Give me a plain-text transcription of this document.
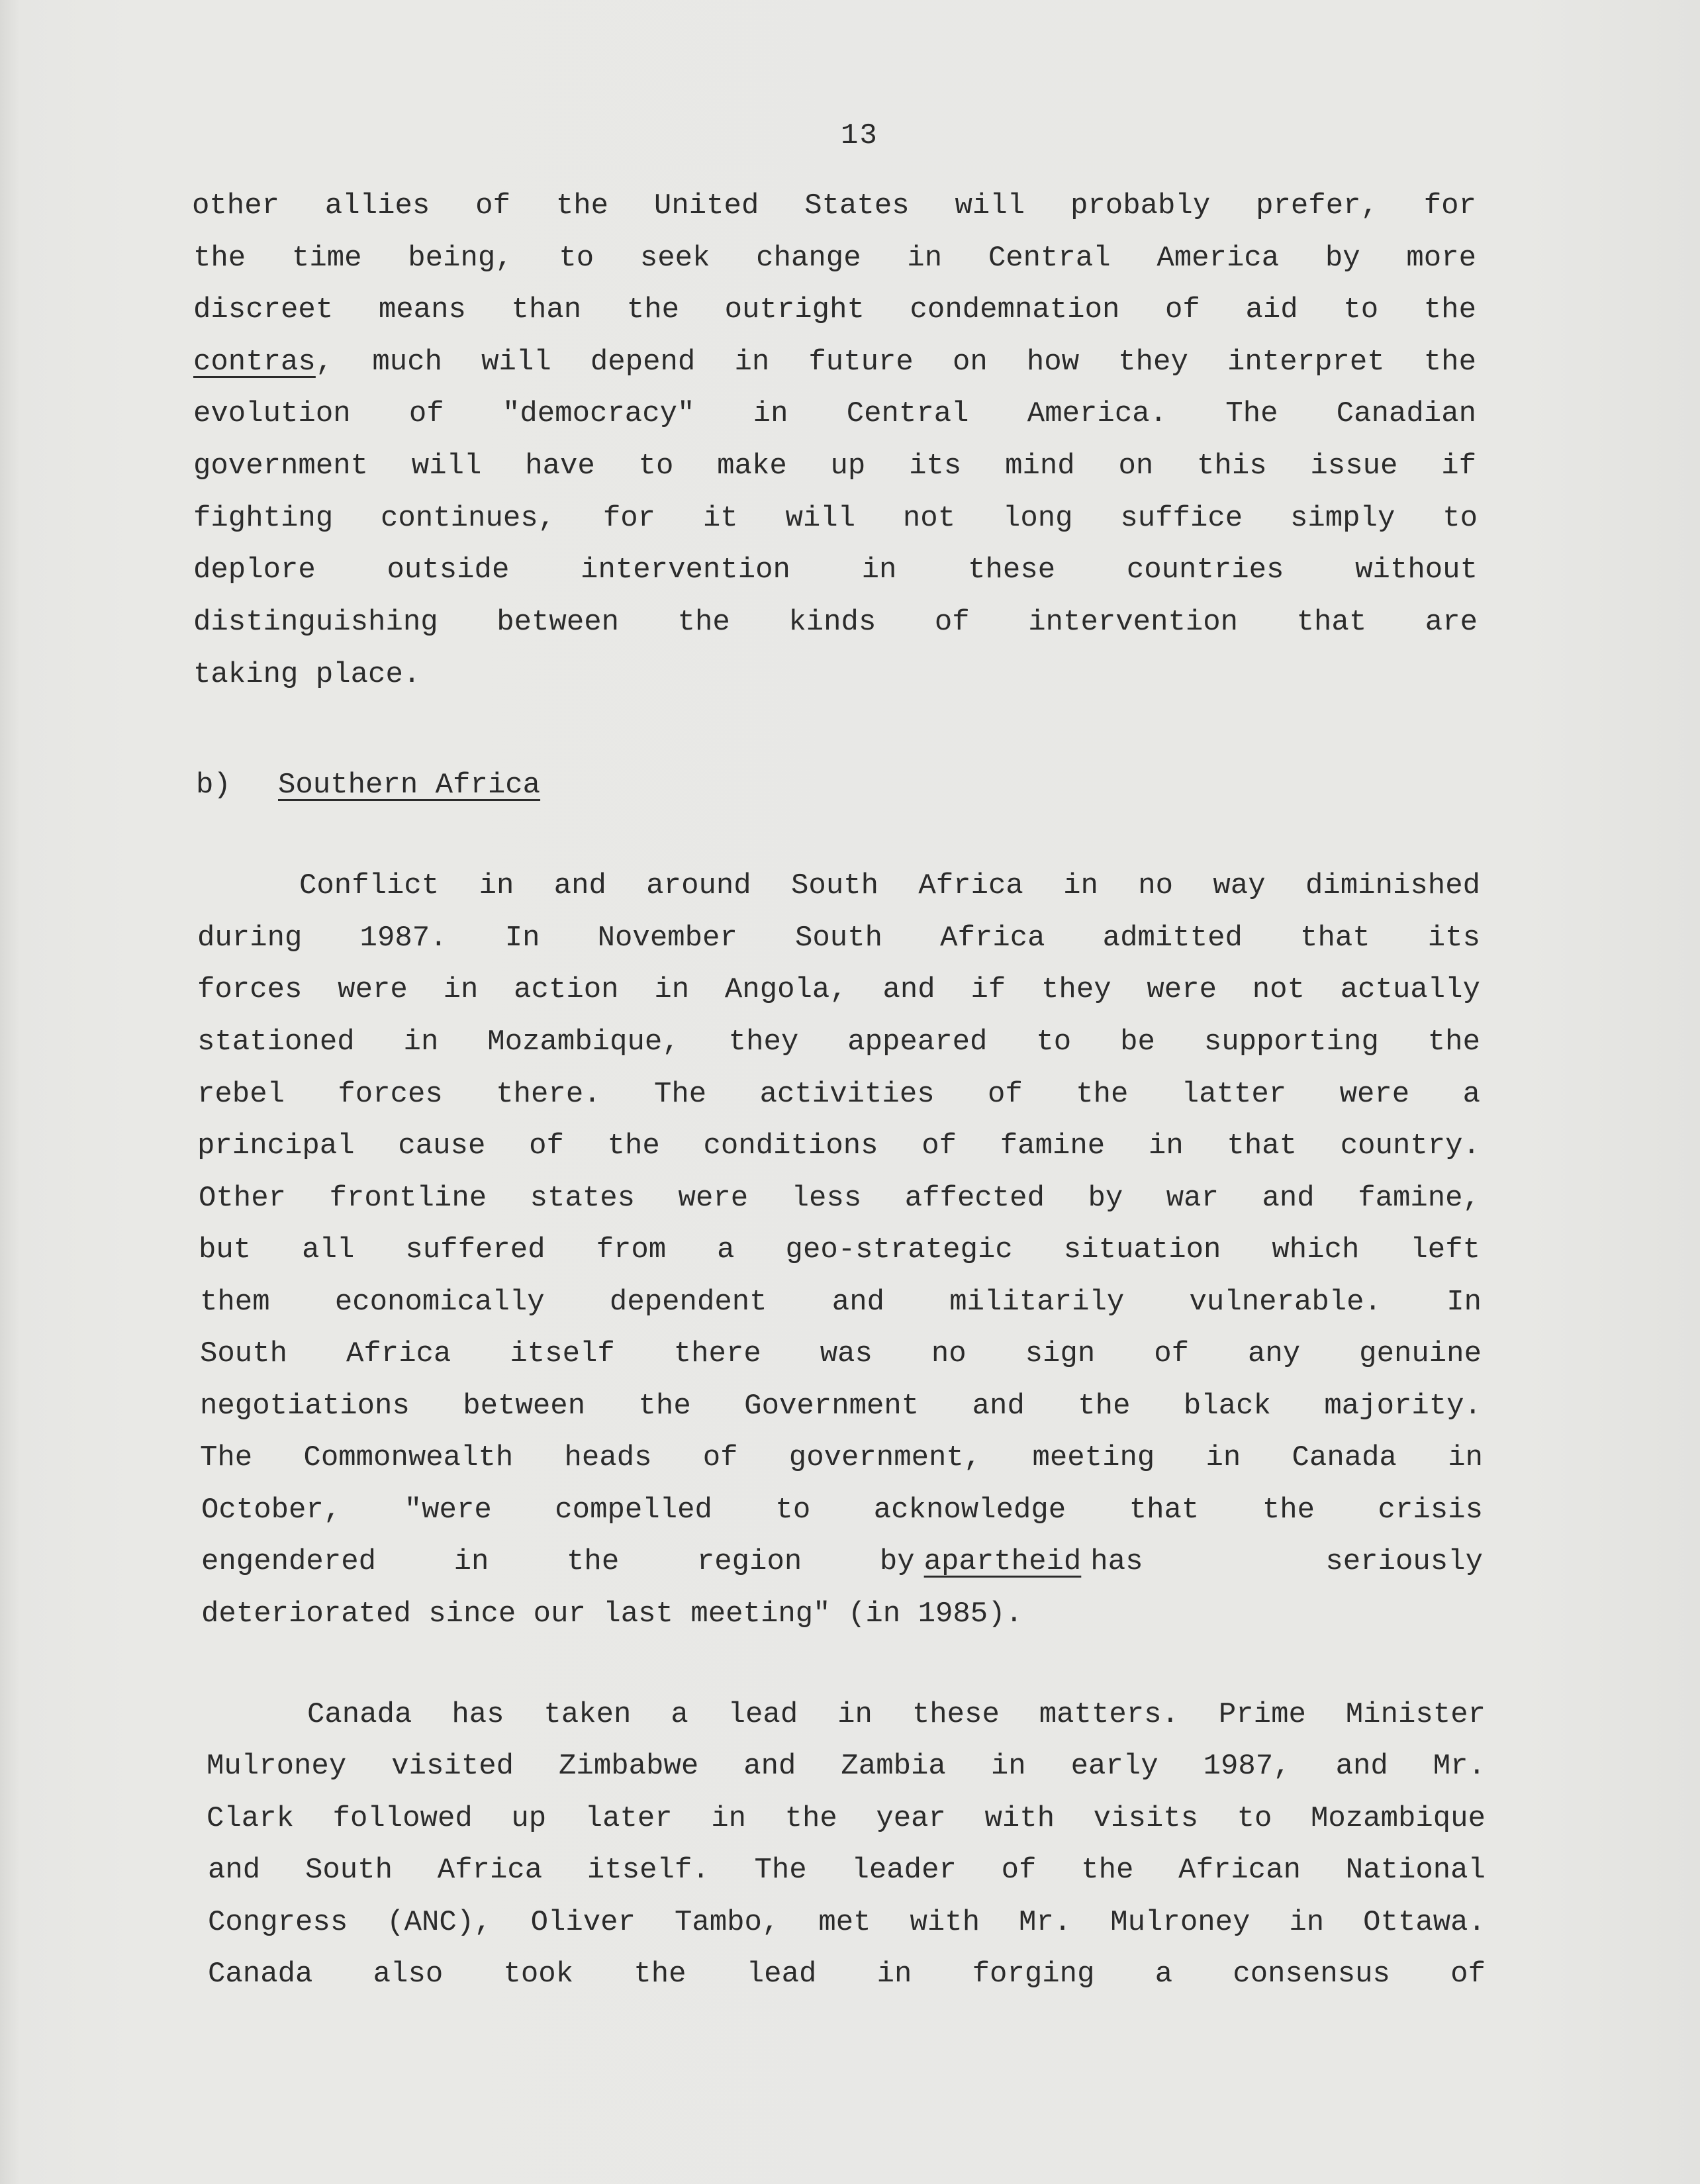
13
other allies of the United States will probably prefer, for
the time being, to seek change in Central America by more
discreet means than the outright condemnation of aid to the
contras , much will depend in future on how they interpret the
evolution of "democracy" in Central America. The Canadian
government will have to make up its mind on this issue if
fighting continues, for it will not long suffice simply to
deplore outside intervention in these countries without
distinguishing between the kinds of intervention that are
taking place.
b) Southern Africa
Conflict in and around South Africa in no way diminished
during 1987. In November South Africa admitted that its
forces were in action in Angola, and if they were not actually
stationed in Mozambique, they appeared to be supporting the
rebel forces there. The activities of the latter were a
principal cause of the conditions of famine in that country.
Other frontline states were less affected by war and famine,
but all suffered from a geo-strategic situation which left
them economically dependent and militarily vulnerable. In
South Africa itself there was no sign of any genuine
negotiations between the Government and the black majority.
The Commonwealth heads of government, meeting in Canada in
October, "were compelled to acknowledge that the crisis
engendered in the region by apartheid has seriously
deteriorated since our last meeting" (in 1985).
Canada has taken a lead in these matters. Prime Minister
Mulroney visited Zimbabwe and Zambia in early 1987, and Mr.
Clark followed up later in the year with visits to Mozambique
and South Africa itself. The leader of the African National
Congress (ANC), Oliver Tambo, met with Mr. Mulroney in Ottawa.
Canada also took the lead in forging a consensus of
